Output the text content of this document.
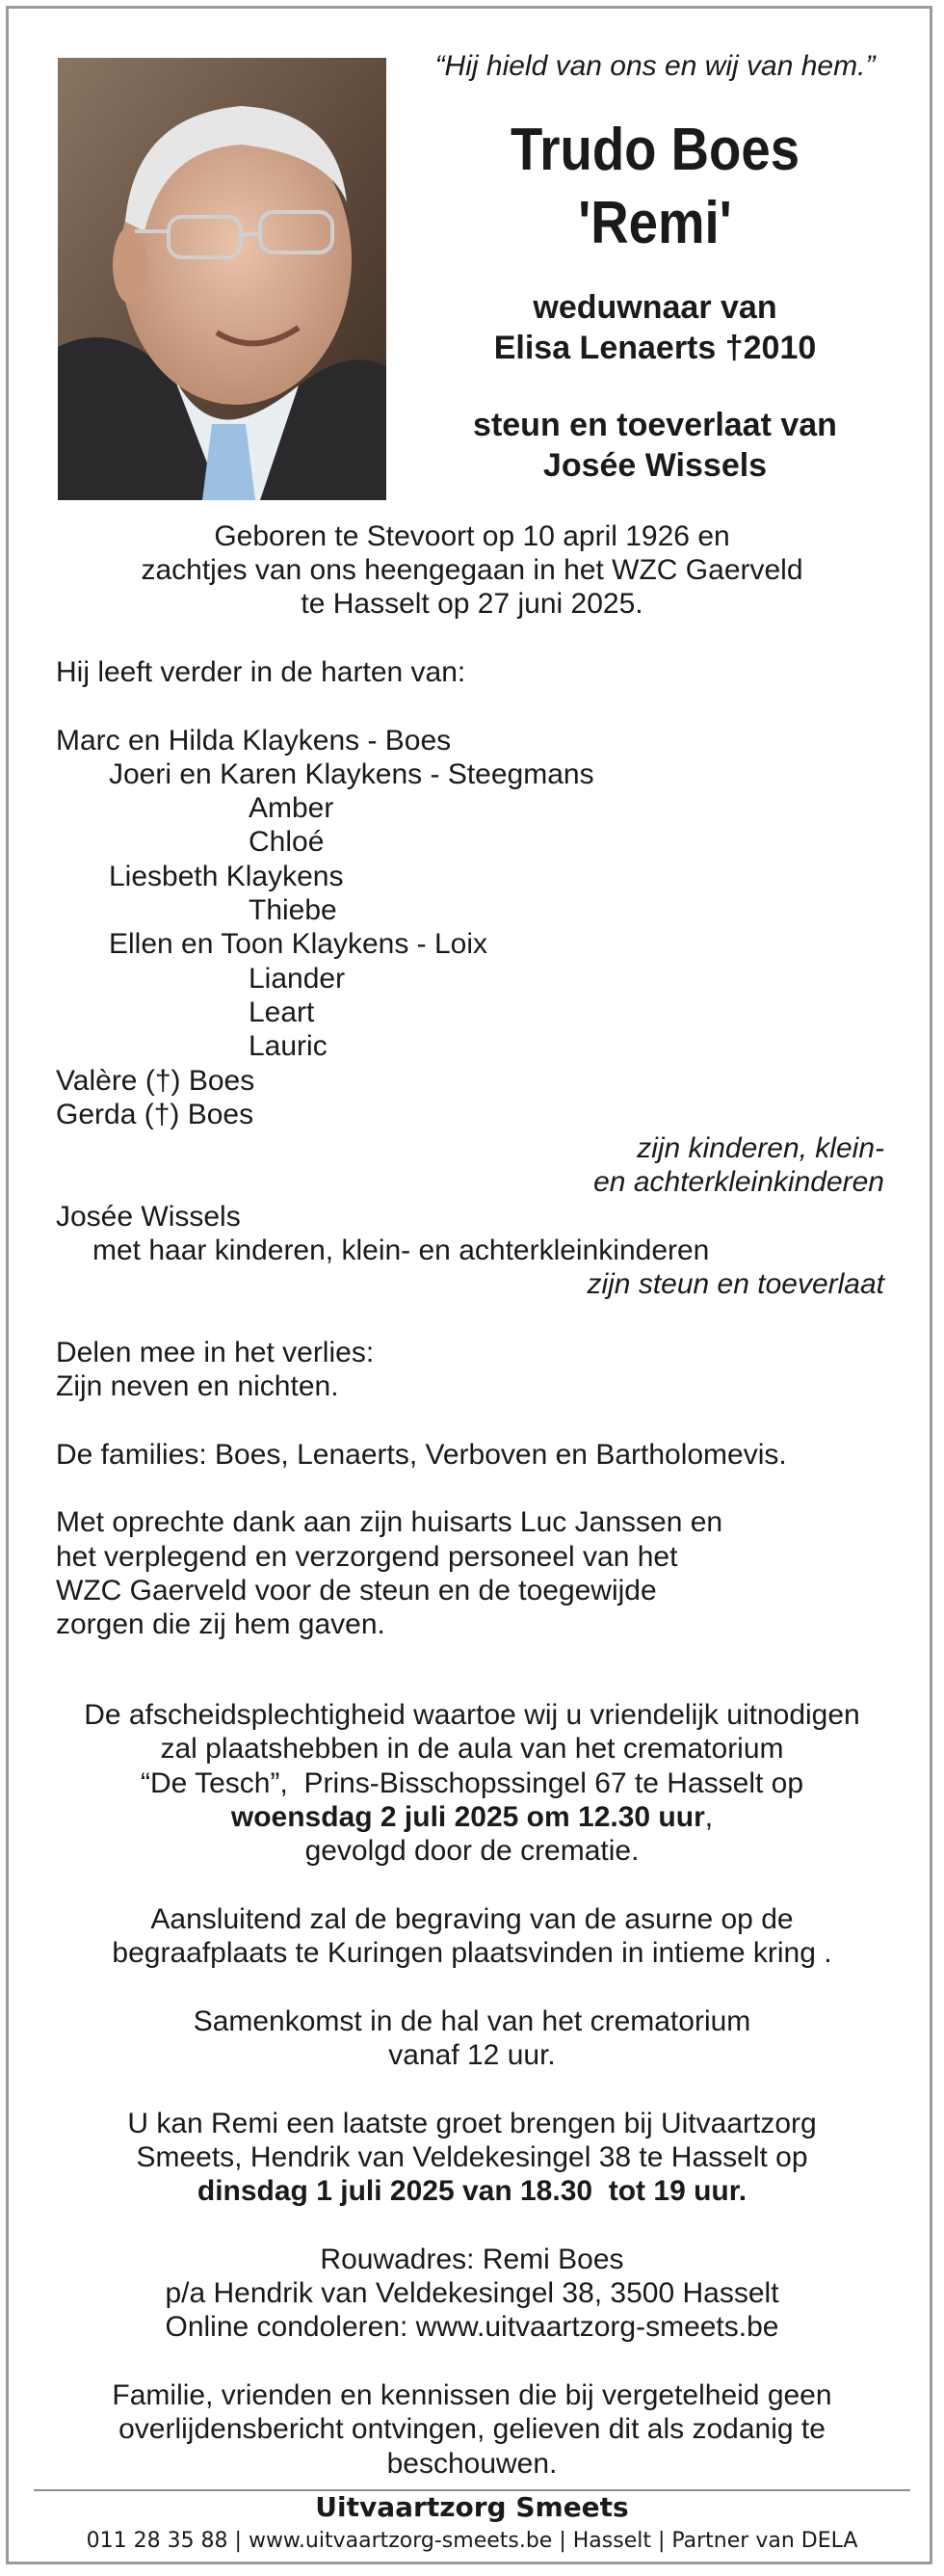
“Hij hield van ons en wij van hem.”
Trudo Boes
'Remi'
weduwnaar van
Elisa Lenaerts †2010
steun en toeverlaat van
Josée Wissels
Geboren te Stevoort op 10 april 1926 en
zachtjes van ons heengegaan in het WZC Gaerveld
te Hasselt op 27 juni 2025.
Hij leeft verder in de harten van:
Marc en Hilda Klaykens - Boes
Joeri en Karen Klaykens - Steegmans
Amber
Chloé
Liesbeth Klaykens
Thiebe
Ellen en Toon Klaykens - Loix
Liander
Leart
Lauric
Valère (†) Boes
Gerda (†) Boes
zijn kinderen, klein-
en achterkleinkinderen
Josée Wissels
met haar kinderen, klein- en achterkleinkinderen
zijn steun en toeverlaat
Delen mee in het verlies:
Zijn neven en nichten.
De families: Boes, Lenaerts, Verboven en Bartholomevis.
Met oprechte dank aan zijn huisarts Luc Janssen en
het verplegend en verzorgend personeel van het
WZC Gaerveld voor de steun en de toegewijde
zorgen die zij hem gaven.
De afscheidsplechtigheid waartoe wij u vriendelijk uitnodigen
zal plaatshebben in de aula van het crematorium
“De Tesch”,  Prins-Bisschopssingel 67 te Hasselt op
woensdag 2 juli 2025 om 12.30 uur,
gevolgd door de crematie.
Aansluitend zal de begraving van de asurne op de
begraafplaats te Kuringen plaatsvinden in intieme kring .
Samenkomst in de hal van het crematorium
vanaf 12 uur.
U kan Remi een laatste groet brengen bij Uitvaartzorg
Smeets, Hendrik van Veldekesingel 38 te Hasselt op
dinsdag 1 juli 2025 van 18.30  tot 19 uur.
Rouwadres: Remi Boes
p/a Hendrik van Veldekesingel 38, 3500 Hasselt
Online condoleren: www.uitvaartzorg-smeets.be
Familie, vrienden en kennissen die bij vergetelheid geen
overlijdensbericht ontvingen, gelieven dit als zodanig te
beschouwen.
Uitvaartzorg Smeets
011 28 35 88 | www.uitvaartzorg-smeets.be | Hasselt | Partner van DELA
